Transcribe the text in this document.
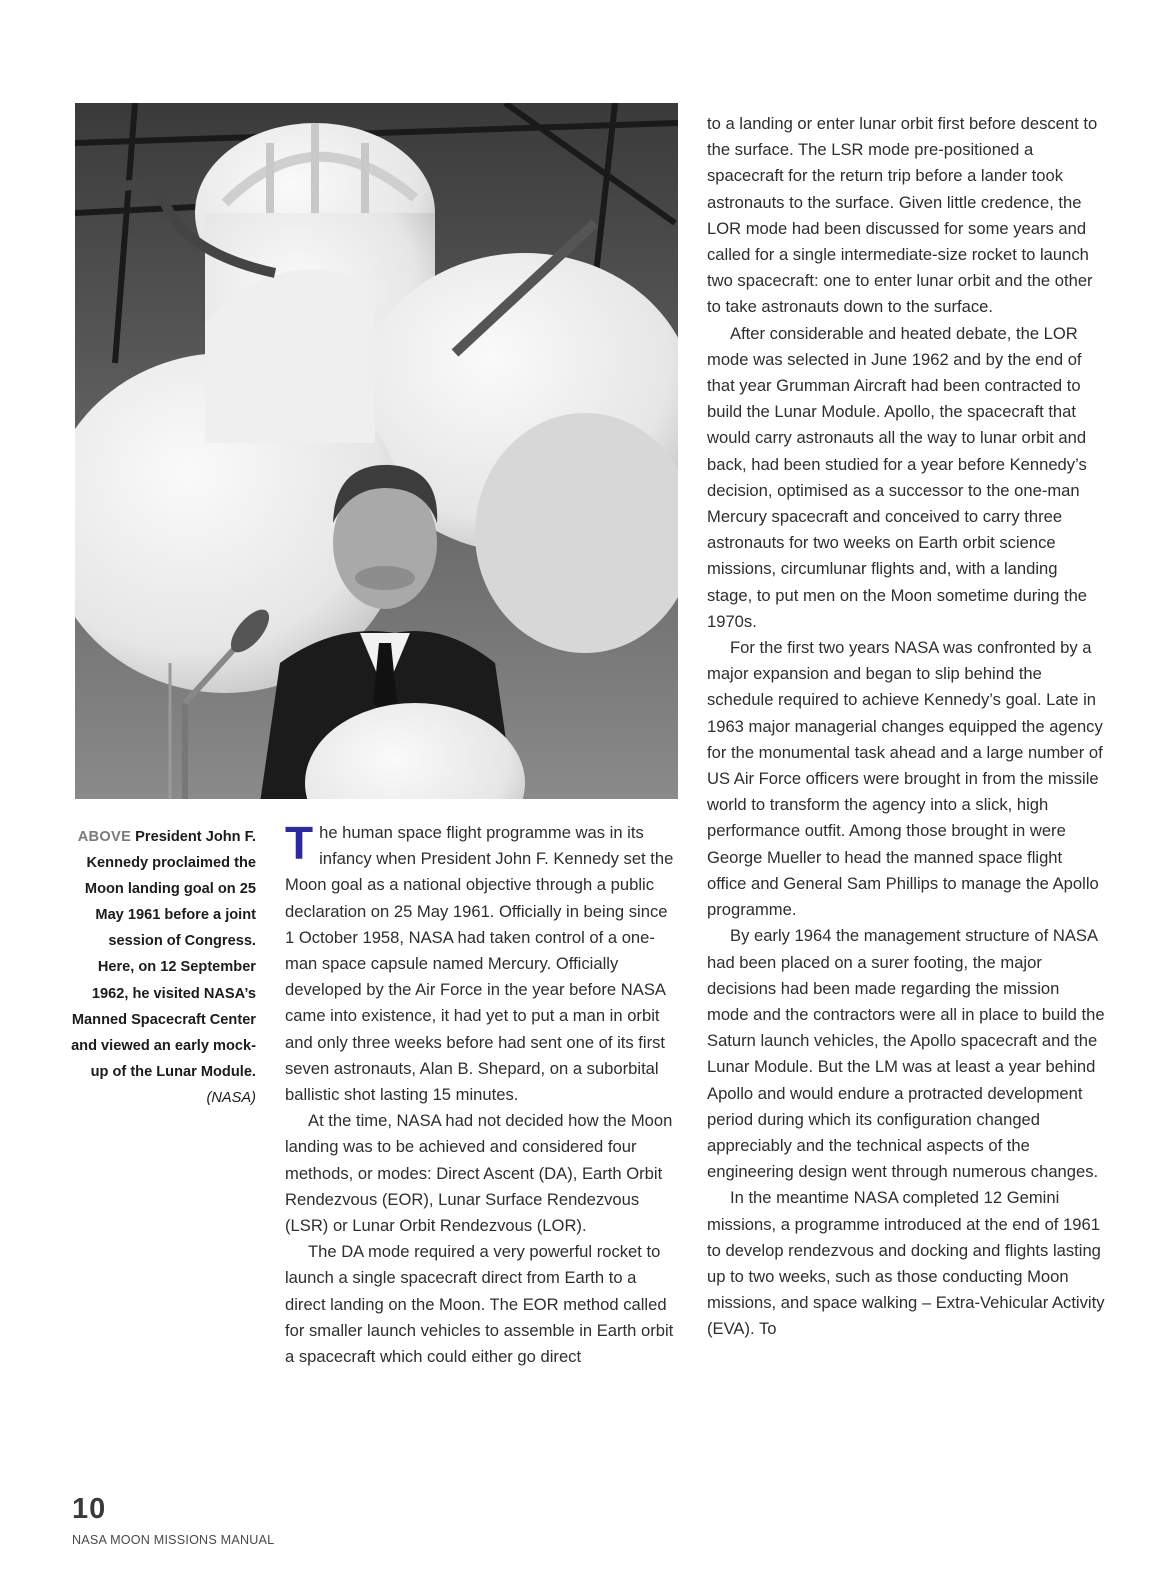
ABOVE President John F. Kennedy proclaimed the Moon landing goal on 25 May 1961 before a joint session of Congress. Here, on 12 September 1962, he visited NASA’s Manned Spacecraft Center and viewed an early mock-up of the Lunar Module. (NASA)

The human space flight programme was in its infancy when President John F. Kennedy set the Moon goal as a national objective through a public declaration on 25 May 1961. Officially in being since 1 October 1958, NASA had taken control of a one-man space capsule named Mercury. Officially developed by the Air Force in the year before NASA came into existence, it had yet to put a man in orbit and only three weeks before had sent one of its first seven astronauts, Alan B. Shepard, on a suborbital ballistic shot lasting 15 minutes.

At the time, NASA had not decided how the Moon landing was to be achieved and considered four methods, or modes: Direct Ascent (DA), Earth Orbit Rendezvous (EOR), Lunar Surface Rendezvous (LSR) or Lunar Orbit Rendezvous (LOR).

The DA mode required a very powerful rocket to launch a single spacecraft direct from Earth to a direct landing on the Moon. The EOR method called for smaller launch vehicles to assemble in Earth orbit a spacecraft which could either go direct

to a landing or enter lunar orbit first before descent to the surface. The LSR mode pre-positioned a spacecraft for the return trip before a lander took astronauts to the surface. Given little credence, the LOR mode had been discussed for some years and called for a single intermediate-size rocket to launch two spacecraft: one to enter lunar orbit and the other to take astronauts down to the surface.

After considerable and heated debate, the LOR mode was selected in June 1962 and by the end of that year Grumman Aircraft had been contracted to build the Lunar Module. Apollo, the spacecraft that would carry astronauts all the way to lunar orbit and back, had been studied for a year before Kennedy’s decision, optimised as a successor to the one-man Mercury spacecraft and conceived to carry three astronauts for two weeks on Earth orbit science missions, circumlunar flights and, with a landing stage, to put men on the Moon sometime during the 1970s.

For the first two years NASA was confronted by a major expansion and began to slip behind the schedule required to achieve Kennedy’s goal. Late in 1963 major managerial changes equipped the agency for the monumental task ahead and a large number of US Air Force officers were brought in from the missile world to transform the agency into a slick, high performance outfit. Among those brought in were George Mueller to head the manned space flight office and General Sam Phillips to manage the Apollo programme.

By early 1964 the management structure of NASA had been placed on a surer footing, the major decisions had been made regarding the mission mode and the contractors were all in place to build the Saturn launch vehicles, the Apollo spacecraft and the Lunar Module. But the LM was at least a year behind Apollo and would endure a protracted development period during which its configuration changed appreciably and the technical aspects of the engineering design went through numerous changes.

In the meantime NASA completed 12 Gemini missions, a programme introduced at the end of 1961 to develop rendezvous and docking and flights lasting up to two weeks, such as those conducting Moon missions, and space walking – Extra-Vehicular Activity (EVA). To

10
NASA MOON MISSIONS MANUAL
